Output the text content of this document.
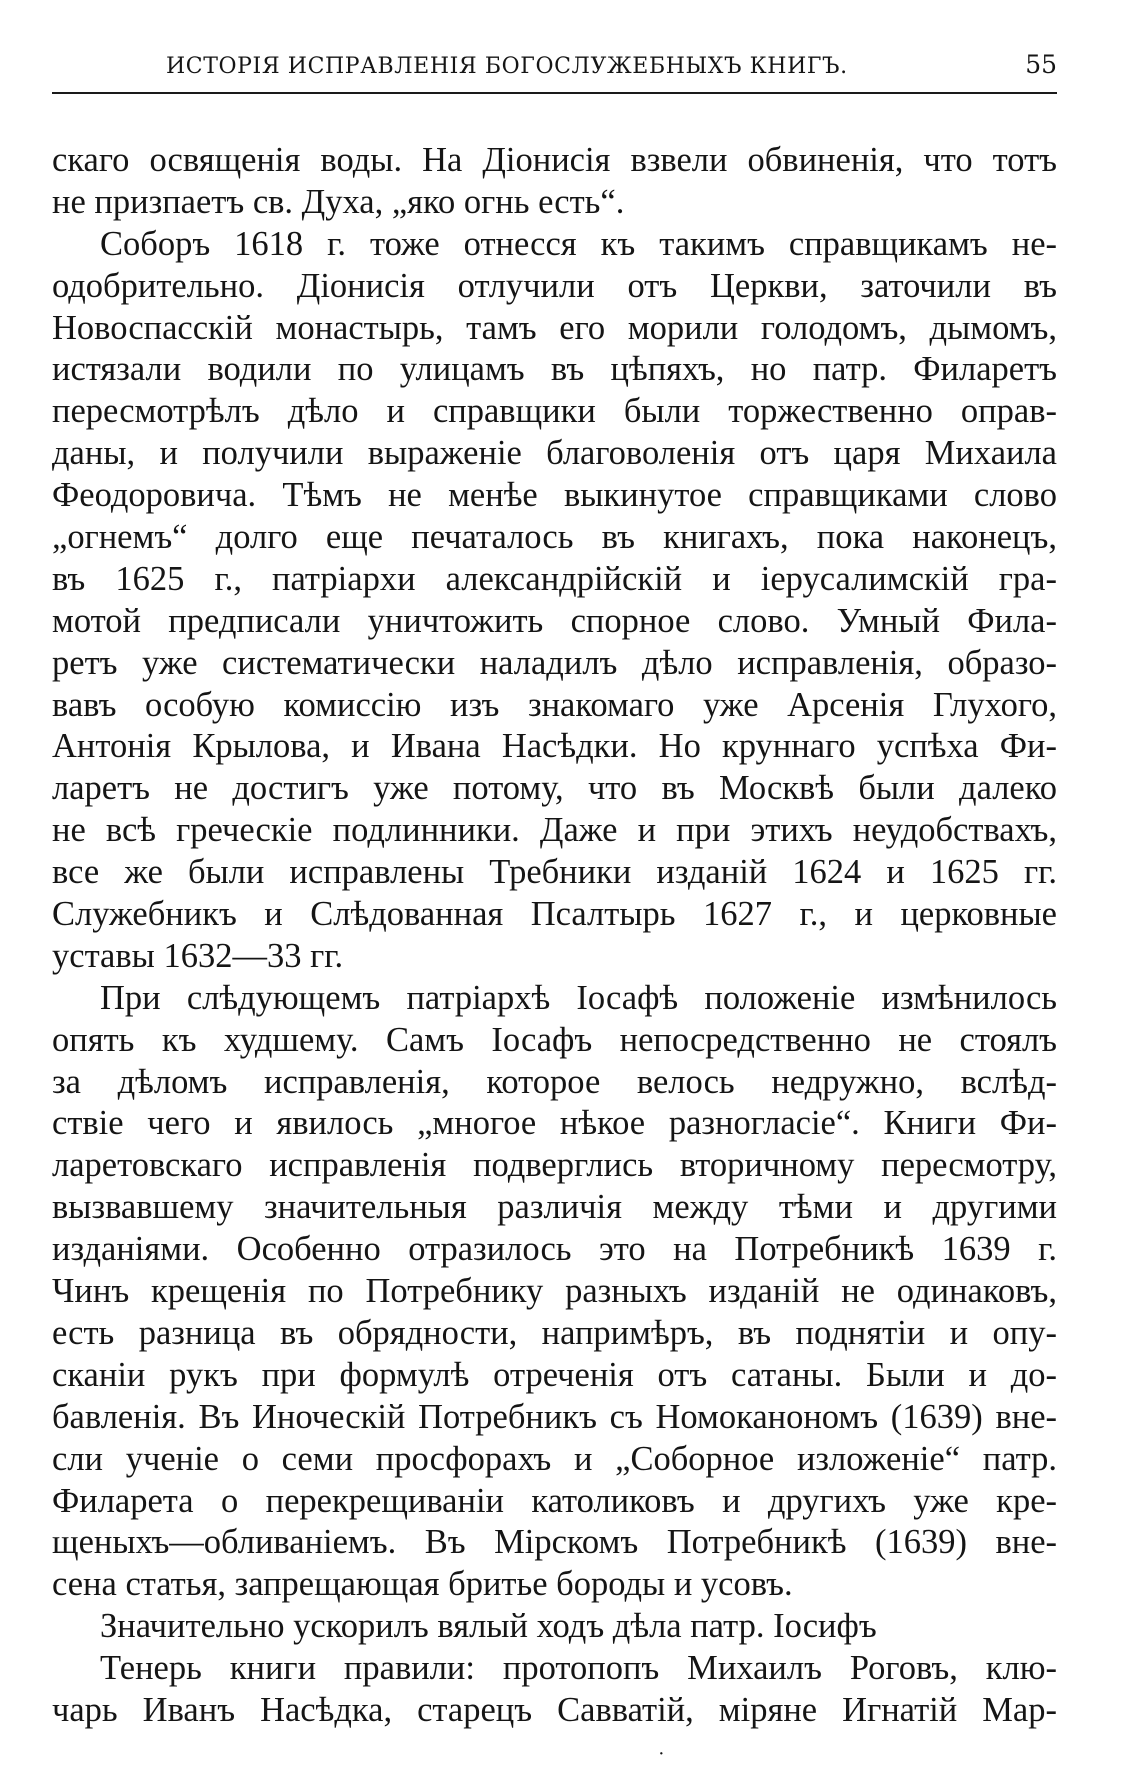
ИСТОРІЯ ИСПРАВЛЕНІЯ БОГОСЛУЖЕБНЫХЪ КНИГЪ.	55
скаго освященія воды. На Діонисія взвели обвиненія, что тотъ
не призпаетъ св. Духа, „яко огнь есть“.
Соборъ 1618 г. тоже отнесся къ такимъ справщикамъ не-
одобрительно. Діонисія отлучили отъ Церкви, заточили въ
Новоспасскій монастырь, тамъ его морили голодомъ, дымомъ,
истязали водили по улицамъ въ цѣпяхъ, но патр. Филаретъ
пересмотрѣлъ дѣло и справщики были торжественно оправ-
даны, и получили выраженіе благоволенія отъ царя Михаила
Феодоровича. Тѣмъ не менѣе выкинутое справщиками слово
„огнемъ“ долго еще печаталось въ книгахъ, пока наконецъ,
въ 1625 г., патріархи александрійскій и іерусалимскій гра-
мотой предписали уничтожить спорное слово. Умный Фила-
ретъ уже систематически наладилъ дѣло исправленія, образо-
вавъ особую комиссію изъ знакомаго уже Арсенія Глухого,
Антонія Крылова, и Ивана Насѣдки. Но круннаго успѣха Фи-
ларетъ не достигъ уже потому, что въ Москвѣ были далеко
не всѣ греческіе подлинники. Даже и при этихъ неудобствахъ,
все же были исправлены Требники изданій 1624 и 1625 гг.
Служебникъ и Слѣдованная Псалтырь 1627 г., и церковные
уставы 1632—33 гг.
При слѣдующемъ патріархѣ Іосафѣ положеніе измѣнилось
опять къ худшему. Самъ Іосафъ непосредственно не стоялъ
за дѣломъ исправленія, которое велось недружно, вслѣд-
ствіе чего и явилось „многое нѣкое разногласіе“. Книги Фи-
ларетовскаго исправленія подверглись вторичному пересмотру,
вызвавшему значительныя различія между тѣми и другими
изданіями. Особенно отразилось это на Потребникѣ 1639 г.
Чинъ крещенія по Потребнику разныхъ изданій не одинаковъ,
есть разница въ обрядности, напримѣръ, въ поднятіи и опу-
сканіи рукъ при формулѣ отреченія отъ сатаны. Были и до-
бавленія. Въ Иноческій Потребникъ съ Номоканономъ (1639) вне-
сли ученіе о семи просфорахъ и „Соборное изложеніе“ патр.
Филарета о перекрещиваніи католиковъ и другихъ уже кре-
щеныхъ—обливаніемъ. Въ Мірскомъ Потребникѣ (1639) вне-
сена статья, запрещающая бритье бороды и усовъ.
Значительно ускорилъ вялый ходъ дѣла патр. Іосифъ
Тенерь книги правили: протопопъ Михаилъ Роговъ, клю-
чарь Иванъ Насѣдка, старецъ Савватій, міряне Игнатій Мар-
·
